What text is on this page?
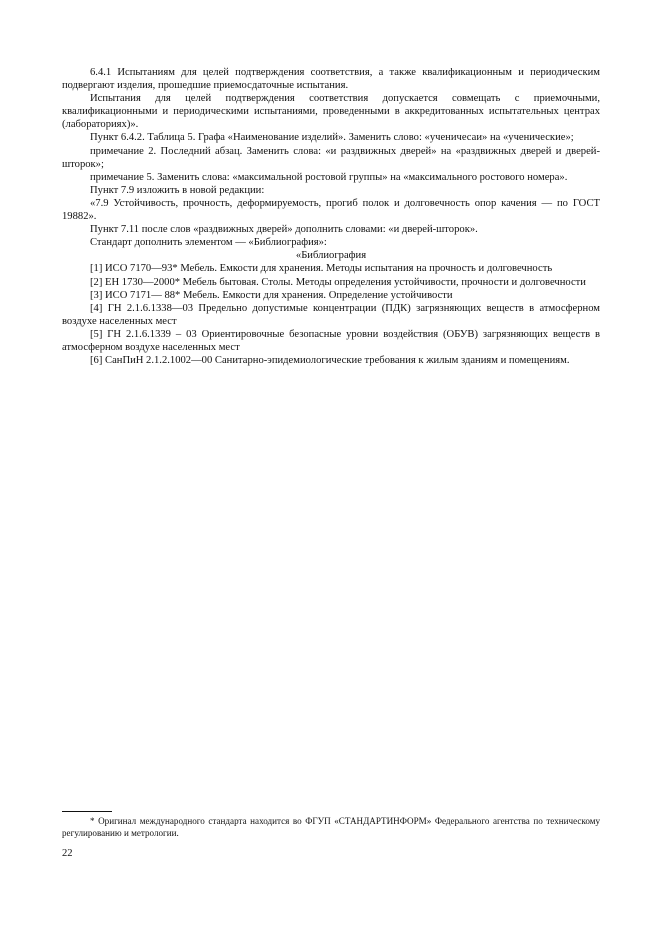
6.4.1 Испытаниям для целей подтверждения соответствия, а также квалификационным и периодическим подвергают изделия, прошедшие приемосдаточные испытания.

Испытания для целей подтверждения соответствия допускается совмещать с приемочными, квалификационными и периодическими испытаниями, проведенными в аккредитованных испытательных центрах (лабораториях)».

Пункт 6.4.2. Таблица 5. Графа «Наименование изделий». Заменить слово: «ученичесаи» на «ученические»;

примечание 2. Последний абзац. Заменить слова: «и раздвижных дверей» на «раздвижных дверей и дверей-шторок»;

примечание 5. Заменить слова: «максимальной ростовой группы» на «максимального ростового номера».

Пункт 7.9 изложить в новой редакции:

«7.9 Устойчивость, прочность, деформируемость, прогиб полок и долговечность опор качения — по ГОСТ 19882».

Пункт 7.11 после слов «раздвижных дверей» дополнить словами: «и дверей-шторок».

Стандарт дополнить элементом — «Библиография»:

«Библиография

[1] ИСО 7170—93* Мебель. Емкости для хранения. Методы испытания на прочность и долговечность

[2] ЕН 1730—2000* Мебель бытовая. Столы. Методы определения устойчивости, прочности и долговечности

[3] ИСО 7171— 88* Мебель. Емкости для хранения. Определение устойчивости

[4] ГН 2.1.6.1338—03 Предельно допустимые концентрации (ПДК) загрязняющих веществ в атмосферном воздухе населенных мест

[5] ГН 2.1.6.1339 – 03 Ориентировочные безопасные уровни воздействия (ОБУВ) загрязняющих веществ в атмосферном воздухе населенных мест

[6] СанПиН 2.1.2.1002—00 Санитарно-эпидемиологические требования к жилым зданиям и помещениям.

* Оригинал международного стандарта находится во ФГУП «СТАНДАРТИНФОРМ» Федерального агентства по техническому регулированию и метрологии.

22
